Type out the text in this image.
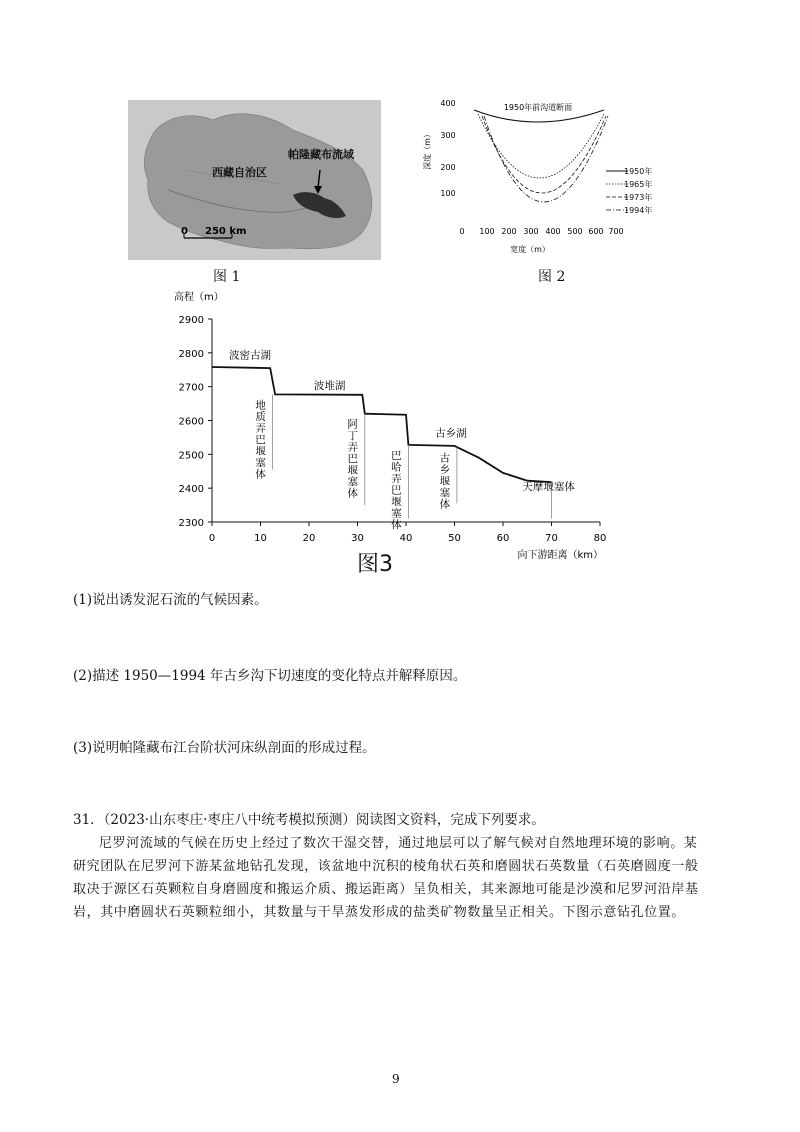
西藏自治区
帕隆藏布流域
0 250 km
图 1
400
300
200
100
深度（m）
0 100 200 300 400 500 600 700
宽度（m）
1950年前沟道断面
1950年
1965年
1973年
1994年
图 2
2900
2800
2700
2600
2500
2400
2300
0	10	20	30	40	50	60	70	80
高程（m）
向下游距离（km）
地质弄巴堰塞体
阿丁弄巴堰塞体
巴哈弄巴堰塞体
古乡堰塞体
波密古湖
波堆湖
古乡湖
天摩堰塞体
图3
(1)说出诱发泥石流的气候因素。
(2)描述 1950—1994 年古乡沟下切速度的变化特点并解释原因。
(3)说明帕隆藏布江台阶状河床纵剖面的形成过程。
31．（2023·山东枣庄·枣庄八中统考模拟预测）阅读图文资料，完成下列要求。
尼罗河流域的气候在历史上经过了数次干湿交替，通过地层可以了解气候对自然地理环境的影响。某
研究团队在尼罗河下游某盆地钻孔发现，该盆地中沉积的棱角状石英和磨圆状石英数量（石英磨圆度一般
取决于源区石英颗粒自身磨圆度和搬运介质、搬运距离）呈负相关，其来源地可能是沙漠和尼罗河沿岸基
岩，其中磨圆状石英颗粒细小，其数量与干旱蒸发形成的盐类矿物数量呈正相关。下图示意钻孔位置。
9
